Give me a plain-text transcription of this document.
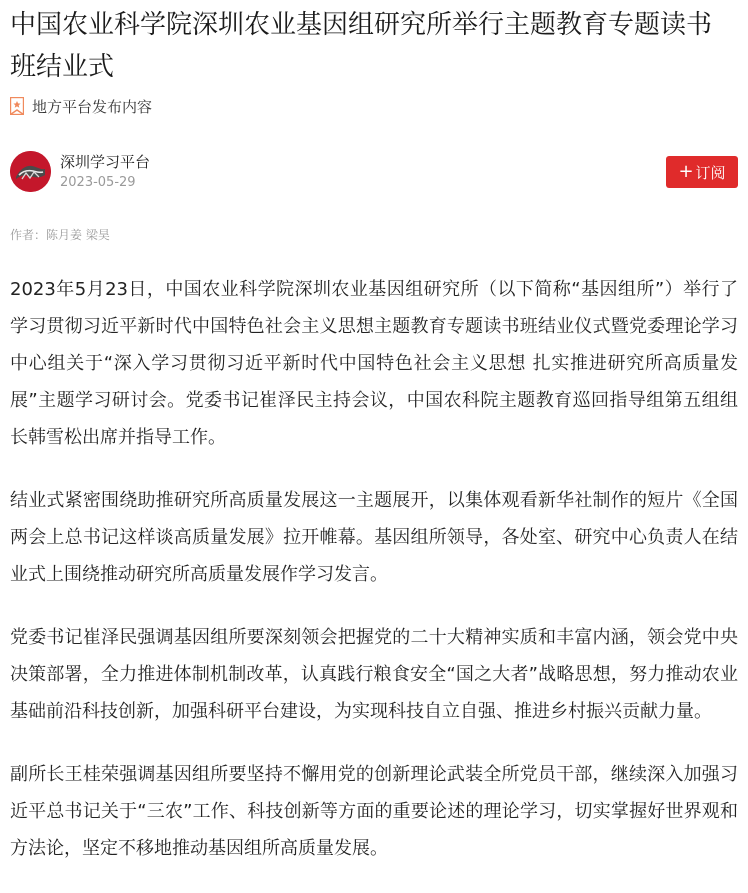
中国农业科学院深圳农业基因组研究所举行主题教育专题读书班结业式
地方平台发布内容
深圳学习平台
2023-05-29
+ 订阅
作者：陈月姜 梁昊

2023年5月23日，中国农业科学院深圳农业基因组研究所（以下简称“基因组所”）举行了学习贯彻习近平新时代中国特色社会主义思想主题教育专题读书班结业仪式暨党委理论学习中心组关于“深入学习贯彻习近平新时代中国特色社会主义思想 扎实推进研究所高质量发展”主题学习研讨会。党委书记崔泽民主持会议，中国农科院主题教育巡回指导组第五组组长韩雪松出席并指导工作。

结业式紧密围绕助推研究所高质量发展这一主题展开，以集体观看新华社制作的短片《全国两会上总书记这样谈高质量发展》拉开帷幕。基因组所领导，各处室、研究中心负责人在结业式上围绕推动研究所高质量发展作学习发言。

党委书记崔泽民强调基因组所要深刻领会把握党的二十大精神实质和丰富内涵，领会党中央决策部署，全力推进体制机制改革，认真践行粮食安全“国之大者”战略思想，努力推动农业基础前沿科技创新，加强科研平台建设，为实现科技自立自强、推进乡村振兴贡献力量。

副所长王桂荣强调基因组所要坚持不懈用党的创新理论武装全所党员干部，继续深入加强习近平总书记关于“三农”工作、科技创新等方面的重要论述的理论学习，切实掌握好世界观和方法论，坚定不移地推动基因组所高质量发展。
